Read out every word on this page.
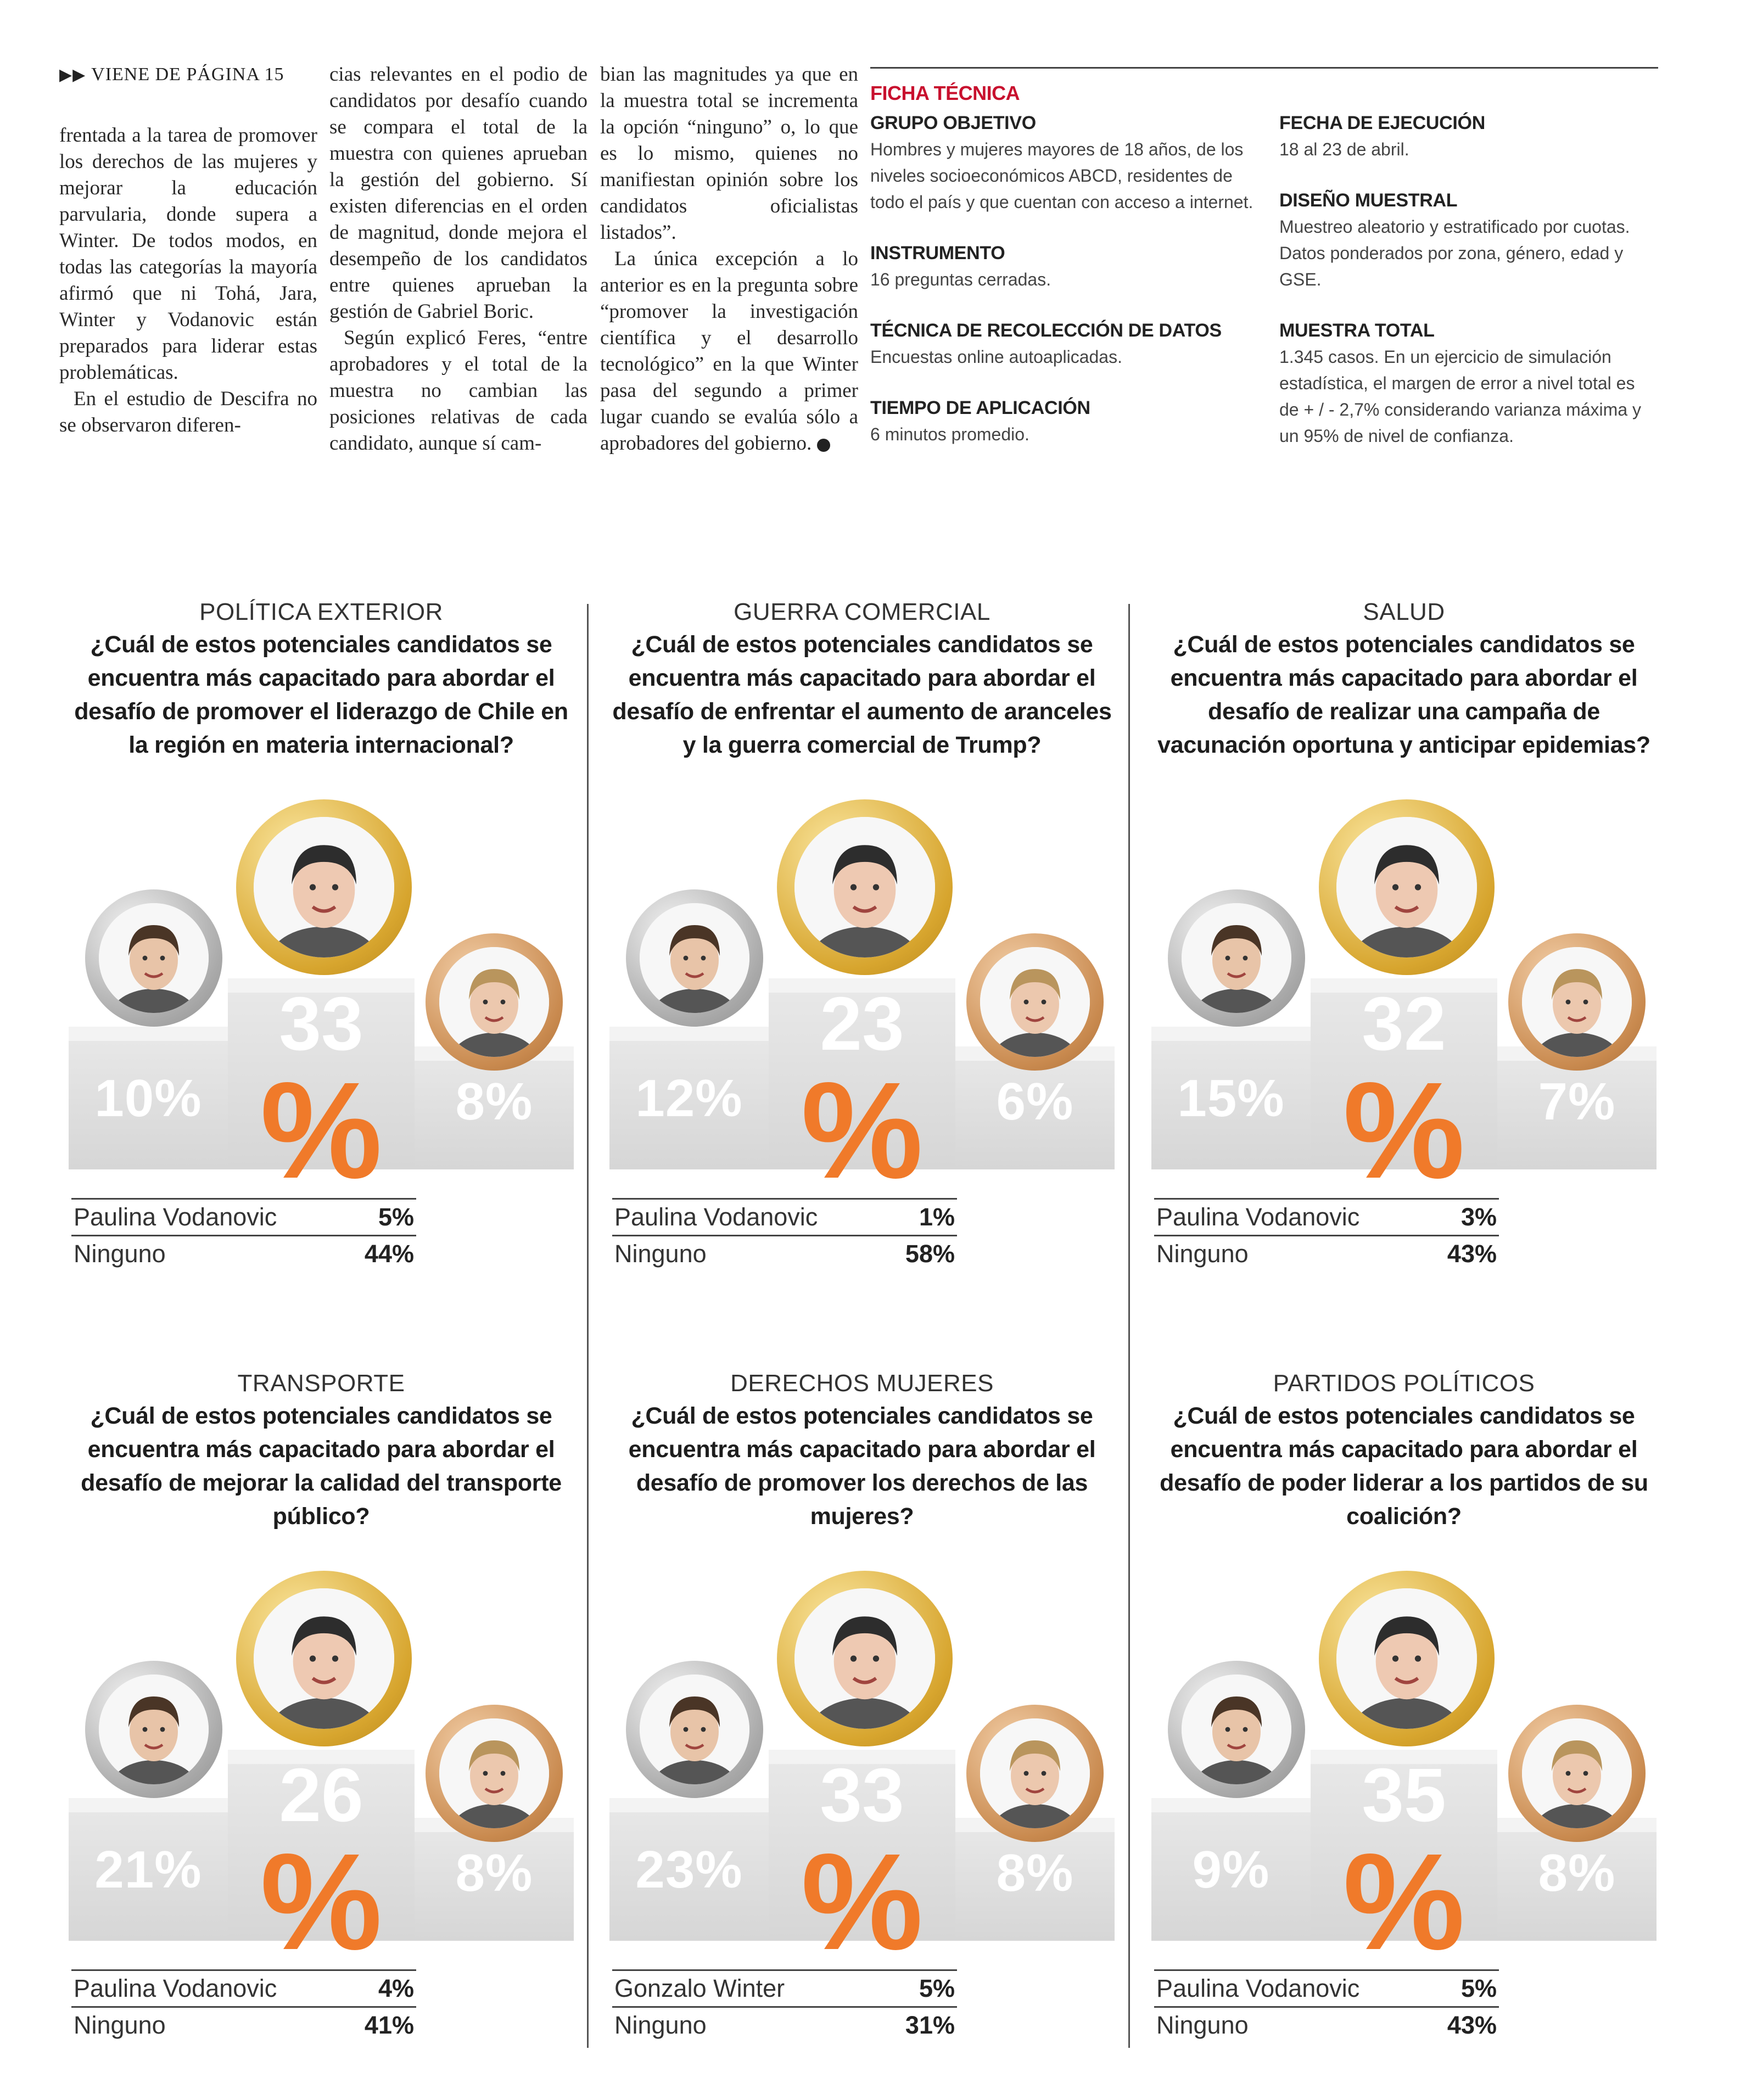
▶▶ VIENE DE PÁGINA 15

frentada a la tarea de promover los derechos de las mujeres y mejorar la educación parvularia, donde supera a Winter. De todos modos, en todas las categorías la mayoría afirmó que ni Tohá, Jara, Winter y Vodanovic están preparados para liderar estas problemáticas.

En el estudio de Descifra no se observaron diferen-

cias relevantes en el podio de candidatos por desafío cuando se compara el total de la muestra con quienes aprueban la gestión del gobierno. Sí existen diferencias en el orden de magnitud, donde mejora el desempeño de los candidatos entre quienes aprueban la gestión de Gabriel Boric.

Según explicó Feres, “entre aprobadores y el total de la muestra no cambian las posiciones relativas de cada candidato, aunque sí cam-

bian las magnitudes ya que en la muestra total se incrementa la opción “ninguno” o, lo que es lo mismo, quienes no manifiestan opinión sobre los candidatos oficialistas listados”.

La única excepción a lo anterior es en la pregunta sobre “promover la investigación científica y el desarrollo tecnológico” en la que Winter pasa del segundo a primer lugar cuando se evalúa sólo a aprobadores del gobierno. ✦

FICHA TÉCNICA
GRUPO OBJETIVO
Hombres y mujeres mayores de 18 años, de los niveles socioeconómicos ABCD, residentes de todo el país y que cuentan con acceso a internet.
INSTRUMENTO
16 preguntas cerradas.
TÉCNICA DE RECOLECCIÓN DE DATOS
Encuestas online autoaplicadas.
TIEMPO DE APLICACIÓN
6 minutos promedio.
FECHA DE EJECUCIÓN
18 al 23 de abril.
DISEÑO MUESTRAL
Muestreo aleatorio y estratificado por cuotas. Datos ponderados por zona, género, edad y GSE.
MUESTRA TOTAL
1.345 casos. En un ejercicio de simulación estadística, el margen de error a nivel total es de + / - 2,7% considerando varianza máxima y un 95% de nivel de confianza.
POLÍTICA EXTERIOR
¿Cuál de estos potenciales candidatos se encuentra más capacitado para abordar el desafío de promover el liderazgo de Chile en la región en materia internacional?
10%
33
8%
%
Paulina Vodanovic	5%
Ninguno	44%
GUERRA COMERCIAL
¿Cuál de estos potenciales candidatos se encuentra más capacitado para abordar el desafío de enfrentar el aumento de aranceles y la guerra comercial de Trump?
12%
23
6%
%
Paulina Vodanovic	1%
Ninguno	58%
SALUD
¿Cuál de estos potenciales candidatos se encuentra más capacitado para abordar el desafío de realizar una campaña de vacunación oportuna y anticipar epidemias?
15%
32
7%
%
Paulina Vodanovic	3%
Ninguno	43%
TRANSPORTE
¿Cuál de estos potenciales candidatos se encuentra más capacitado para abordar el desafío de mejorar la calidad del transporte público?
21%
26
8%
%
Paulina Vodanovic	4%
Ninguno	41%
DERECHOS MUJERES
¿Cuál de estos potenciales candidatos se encuentra más capacitado para abordar el desafío de promover los derechos de las mujeres?
23%
33
8%
%
Gonzalo Winter	5%
Ninguno	31%
PARTIDOS POLÍTICOS
¿Cuál de estos potenciales candidatos se encuentra más capacitado para abordar el desafío de poder liderar a los partidos de su coalición?
9%
35
8%
%
Paulina Vodanovic	5%
Ninguno	43%
